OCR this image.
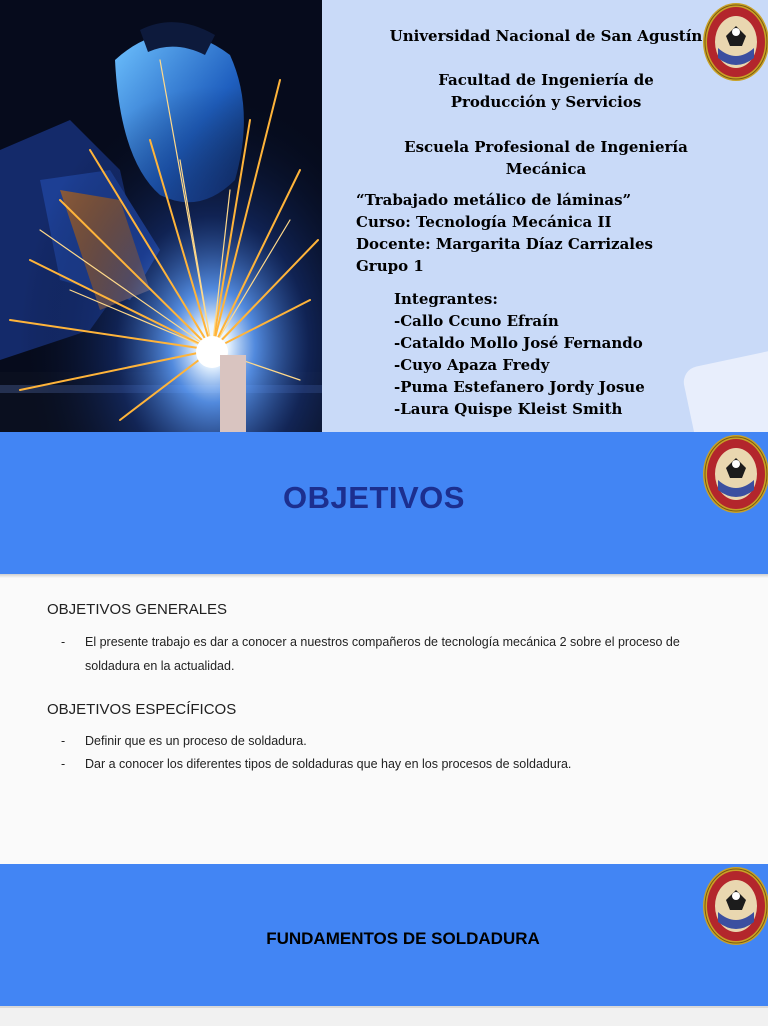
Universidad Nacional de San Agustín
Facultad de Ingeniería de
Producción y Servicios
Escuela Profesional de Ingeniería
Mecánica
“Trabajado metálico de láminas”
Curso: Tecnología Mecánica II
Docente: Margarita Díaz Carrizales
Grupo 1
Integrantes:
-Callo Ccuno Efraín
-Cataldo Mollo José Fernando
-Cuyo Apaza Fredy
-Puma Estefanero Jordy Josue
-Laura Quispe Kleist Smith
OBJETIVOS
OBJETIVOS GENERALES
- El presente trabajo es dar a conocer a nuestros compañeros de tecnología mecánica 2 sobre el proceso de
soldadura en la actualidad.
OBJETIVOS ESPECÍFICOS
- Definir que es un proceso de soldadura.
- Dar a conocer los diferentes tipos de soldaduras que hay en los procesos de soldadura.
FUNDAMENTOS DE SOLDADURA
